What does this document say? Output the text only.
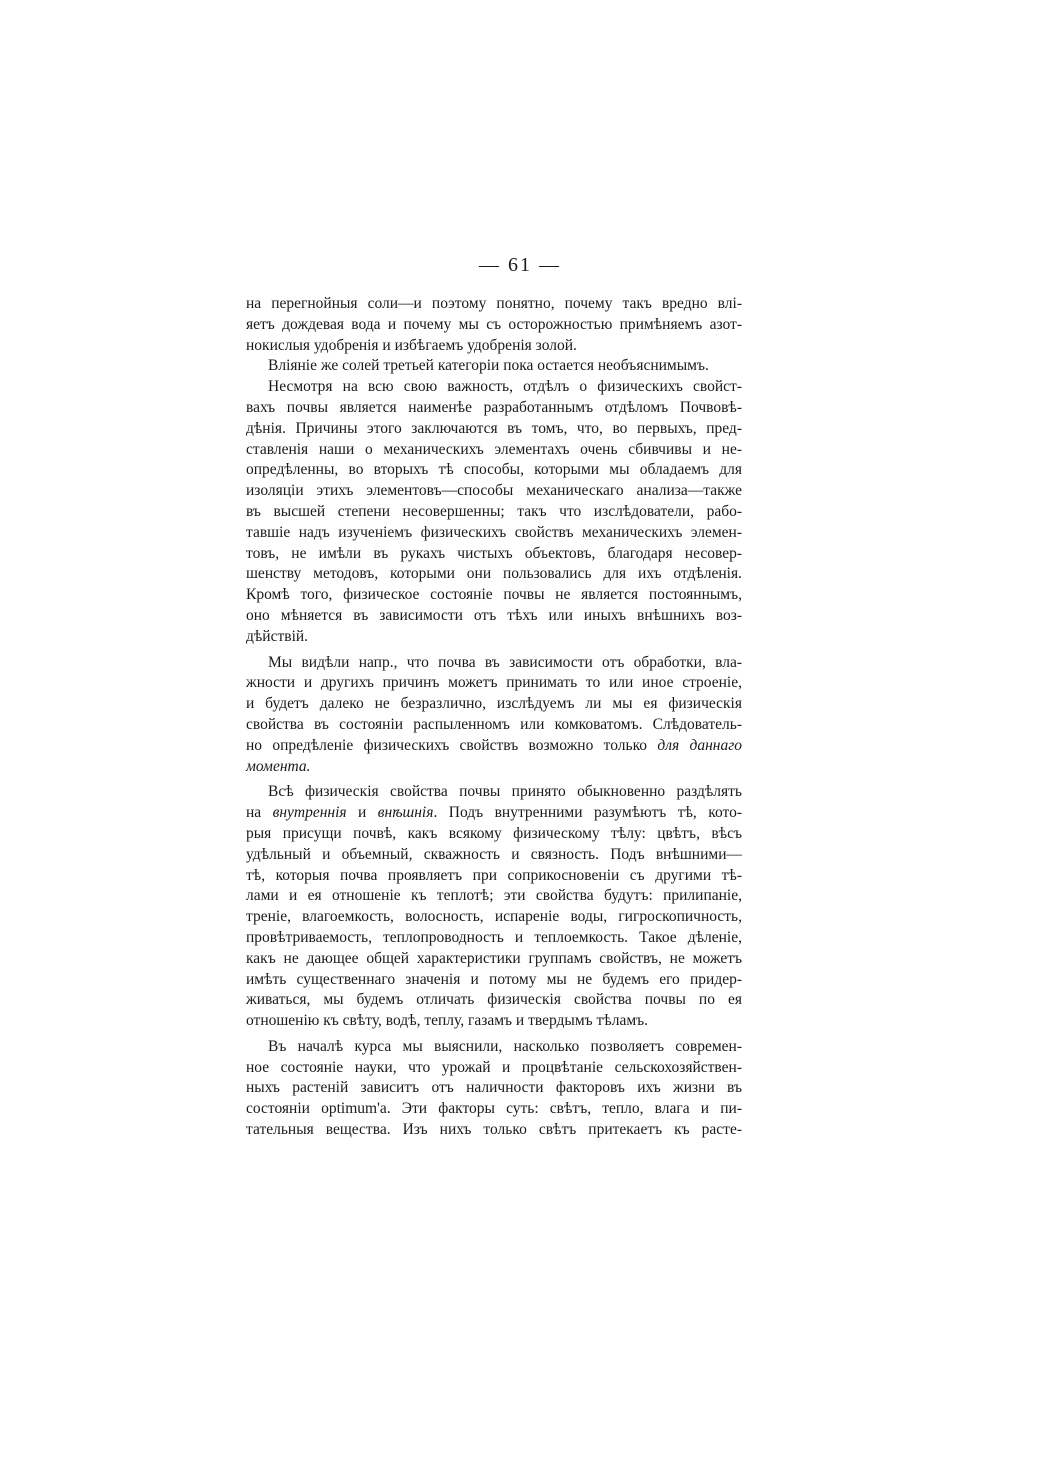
— 61 —
на перегнойныя соли—и поэтому понятно, почему такъ вредно влі-
яетъ дождевая вода и почему мы съ осторожностью примѣняемъ азот-
нокислыя удобренія и избѣгаемъ удобренія золой.
Вліяніе же солей третьей категоріи пока остается необъяснимымъ.
Несмотря на всю свою важность, отдѣлъ о физическихъ свойст-
вахъ почвы является наименѣе разработаннымъ отдѣломъ Почвовѣ-
дѣнія. Причины этого заключаются въ томъ, что, во первыхъ, пред-
ставленія наши о механическихъ элементахъ очень сбивчивы и не-
опредѣленны, во вторыхъ тѣ способы, которыми мы обладаемъ для
изоляціи этихъ элементовъ—способы механическаго анализа—также
въ высшей степени несовершенны; такъ что изслѣдователи, рабо-
тавшіе надъ изученіемъ физическихъ свойствъ механическихъ элемен-
товъ, не имѣли въ рукахъ чистыхъ объектовъ, благодаря несовер-
шенству методовъ, которыми они пользовались для ихъ отдѣленія.
Кромѣ того, физическое состояніе почвы не является постояннымъ,
оно мѣняется въ зависимости отъ тѣхъ или иныхъ внѣшнихъ воз-
дѣйствій.
Мы видѣли напр., что почва въ зависимости отъ обработки, вла-
жности и другихъ причинъ можетъ принимать то или иное строеніе,
и будетъ далеко не безразлично, изслѣдуемъ ли мы ея физическія
свойства въ состояніи распыленномъ или комковатомъ. Слѣдователь-
но опредѣленіе физическихъ свойствъ возможно только для даннаго
момента.
Всѣ физическія свойства почвы принято обыкновенно раздѣлять
на внутреннія и внѣшнія. Подъ внутренними разумѣютъ тѣ, кото-
рыя присущи почвѣ, какъ всякому физическому тѣлу: цвѣтъ, вѣсъ
удѣльный и объемный, скважность и связность. Подъ внѣшними—
тѣ, которыя почва проявляетъ при соприкосновеніи съ другими тѣ-
лами и ея отношеніе къ теплотѣ; эти свойства будутъ: прилипаніе,
треніе, влагоемкость, волосность, испареніе воды, гигроскопичность,
провѣтриваемость, теплопроводность и теплоемкость. Такое дѣленіе,
какъ не дающее общей характеристики группамъ свойствъ, не можетъ
имѣть существеннаго значенія и потому мы не будемъ его придер-
живаться, мы будемъ отличать физическія свойства почвы по ея
отношенію къ свѣту, водѣ, теплу, газамъ и твердымъ тѣламъ.
Въ началѣ курса мы выяснили, насколько позволяетъ современ-
ное состояніе науки, что урожай и процвѣтаніе сельскохозяйствен-
ныхъ растеній зависитъ отъ наличности факторовъ ихъ жизни въ
состояніи optimum'а. Эти факторы суть: свѣтъ, тепло, влага и пи-
тательныя вещества. Изъ нихъ только свѣтъ притекаетъ къ расте-
